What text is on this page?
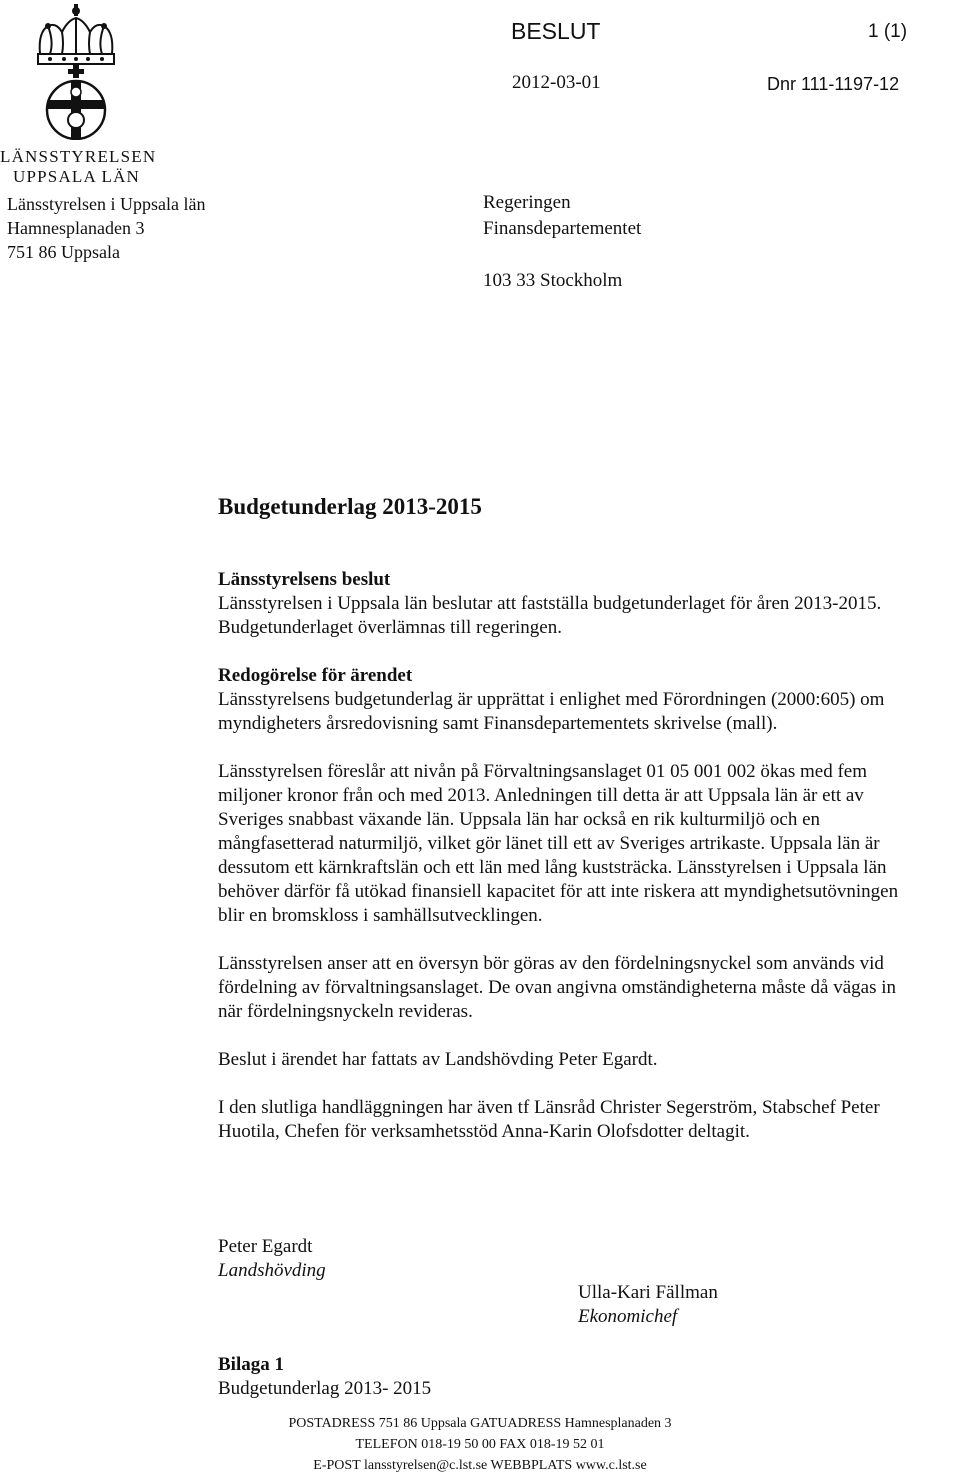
LÄNSSTYRELSEN
UPPSALA LÄN
Länsstyrelsen i Uppsala län
Hamnesplanaden 3
751 86 Uppsala
BESLUT	1 (1)
2012-03-01	Dnr 111-1197-12
Regeringen
Finansdepartementet
103 33 Stockholm
Budgetunderlag 2013-2015

Länsstyrelsens beslut
Länsstyrelsen i Uppsala län beslutar att fastställa budgetunderlaget för åren 2013-2015.
Budgetunderlaget överlämnas till regeringen.

Redogörelse för ärendet
Länsstyrelsens budgetunderlag är upprättat i enlighet med Förordningen (2000:605) om
myndigheters årsredovisning samt Finansdepartementets skrivelse (mall).

Länsstyrelsen föreslår att nivån på Förvaltningsanslaget 01 05 001 002 ökas med fem
miljoner kronor från och med 2013. Anledningen till detta är att Uppsala län är ett av
Sveriges snabbast växande län. Uppsala län har också en rik kulturmiljö och en
mångfasetterad naturmiljö, vilket gör länet till ett av Sveriges artrikaste. Uppsala län är
dessutom ett kärnkraftslän och ett län med lång kuststräcka. Länsstyrelsen i Uppsala län
behöver därför få utökad finansiell kapacitet för att inte riskera att myndighetsutövningen
blir en bromskloss i samhällsutvecklingen.

Länsstyrelsen anser att en översyn bör göras av den fördelningsnyckel som används vid
fördelning av förvaltningsanslaget. De ovan angivna omständigheterna måste då vägas in
när fördelningsnyckeln revideras.

Beslut i ärendet har fattats av Landshövding Peter Egardt.

I den slutliga handläggningen har även tf Länsråd Christer Segerström, Stabschef Peter
Huotila, Chefen för verksamhetsstöd Anna-Karin Olofsdotter deltagit.

Peter Egardt
Landshövding
Ulla-Kari Fällman
Ekonomichef
Bilaga 1
Budgetunderlag 2013- 2015
POSTADRESS 751 86 Uppsala GATUADRESS Hamnesplanaden 3
TELEFON 018-19 50 00 FAX 018-19 52 01
E-POST lansstyrelsen@c.lst.se WEBBPLATS www.c.lst.se
